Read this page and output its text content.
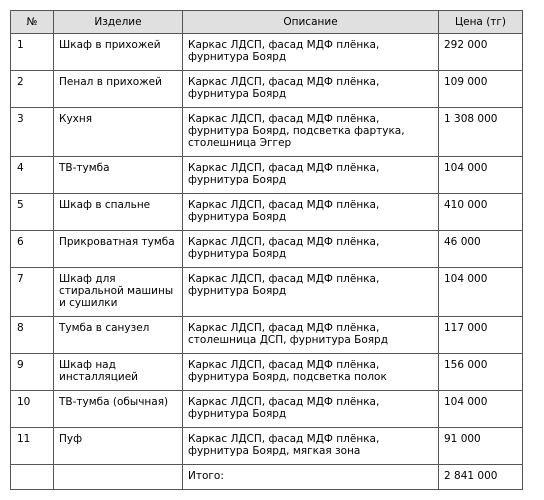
№	Изделие	Описание	Цена (тг)
1	Шкаф в прихожей	Каркас ЛДСП, фасад МДФ плёнка, фурнитура Боярд	292 000
2	Пенал в прихожей	Каркас ЛДСП, фасад МДФ плёнка, фурнитура Боярд	109 000
3	Кухня	Каркас ЛДСП, фасад МДФ плёнка, фурнитура Боярд, подсветка фартука, столешница Эггер	1 308 000
4	ТВ-тумба	Каркас ЛДСП, фасад МДФ плёнка, фурнитура Боярд	104 000
5	Шкаф в спальне	Каркас ЛДСП, фасад МДФ плёнка, фурнитура Боярд	410 000
6	Прикроватная тумба	Каркас ЛДСП, фасад МДФ плёнка, фурнитура Боярд	46 000
7	Шкаф для стиральной машины и сушилки	Каркас ЛДСП, фасад МДФ плёнка, фурнитура Боярд	104 000
8	Тумба в санузел	Каркас ЛДСП, фасад МДФ плёнка, столешница ДСП, фурнитура Боярд	117 000
9	Шкаф над инсталляцией	Каркас ЛДСП, фасад МДФ плёнка, фурнитура Боярд, подсветка полок	156 000
10	ТВ-тумба (обычная)	Каркас ЛДСП, фасад МДФ плёнка, фурнитура Боярд	104 000
11	Пуф	Каркас ЛДСП, фасад МДФ плёнка, фурнитура Боярд, мягкая зона	91 000
		Итого:	2 841 000
